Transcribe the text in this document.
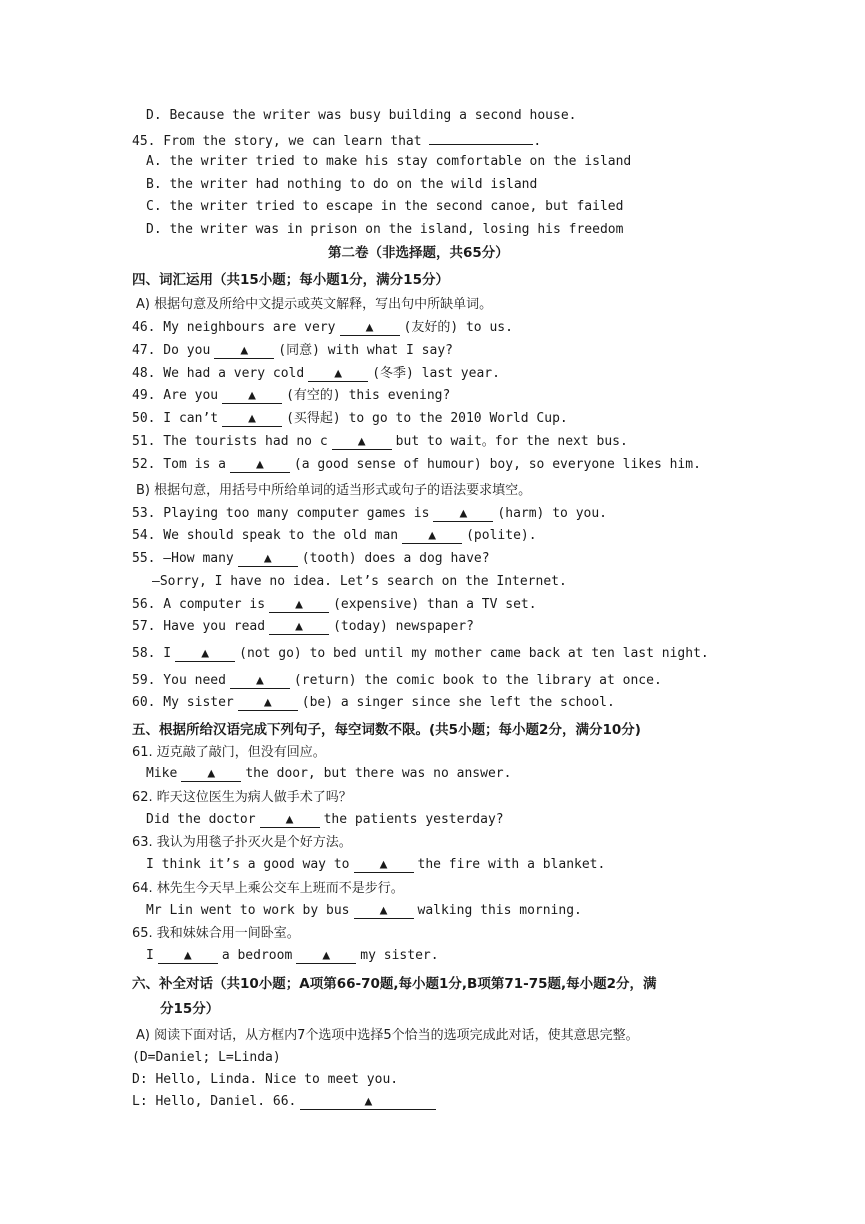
D. Because the writer was busy building a second house.
45. From the story, we can learn that	.
A. the writer tried to make his stay comfortable on the island
B. the writer had nothing to do on the wild island
C. the writer tried to escape in the second canoe, but failed
D. the writer was in prison on the island, losing his freedom
第二卷（非选择题，共65分）
四、词汇运用（共15小题；每小题1分，满分15分）
A) 根据句意及所给中文提示或英文解释，写出句中所缺单词。
46. My neighbours are very ▲ (友好的) to us.
47. Do you ▲ (同意) with what I say?
48. We had a very cold ▲ (冬季) last year.
49. Are you ▲ (有空的) this evening?
50. I can’t ▲ (买得起) to go to the 2010 World Cup.
51. The tourists had no c ▲ but to wait。for the next bus.
52. Tom is a ▲ (a good sense of humour) boy, so everyone likes him.
B) 根据句意，用括号中所给单词的适当形式或句子的语法要求填空。
53. Playing too many computer games is ▲ (harm) to you.
54. We should speak to the old man ▲ (polite).
55. —How many ▲ (tooth) does a dog have?
—Sorry, I have no idea. Let’s search on the Internet.
56. A computer is ▲ (expensive) than a TV set.
57. Have you read ▲ (today) newspaper?
58. I ▲ (not go) to bed until my mother came back at ten last night.
59. You need ▲ (return) the comic book to the library at once.
60. My sister ▲ (be) a singer since she left the school.
五、根据所给汉语完成下列句子，每空词数不限。(共5小题；每小题2分，满分10分)
61. 迈克敲了敲门，但没有回应。
Mike ▲ the door, but there was no answer.
62. 昨天这位医生为病人做手术了吗？
Did the doctor ▲ the patients yesterday?
63. 我认为用毯子扑灭火是个好方法。
I think it’s a good way to ▲ the fire with a blanket.
64. 林先生今天早上乘公交车上班而不是步行。
Mr Lin went to work by bus ▲ walking this morning.
65. 我和妹妹合用一间卧室。
I ▲ a bedroom ▲ my sister.
六、补全对话（共10小题；A项第66-70题,每小题1分,B项第71-75题,每小题2分，满
分15分）
A) 阅读下面对话，从方框内7个选项中选择5个恰当的选项完成此对话，使其意思完整。
(D=Daniel; L=Linda)
D: Hello, Linda. Nice to meet you.
L: Hello, Daniel. 66.	▲
